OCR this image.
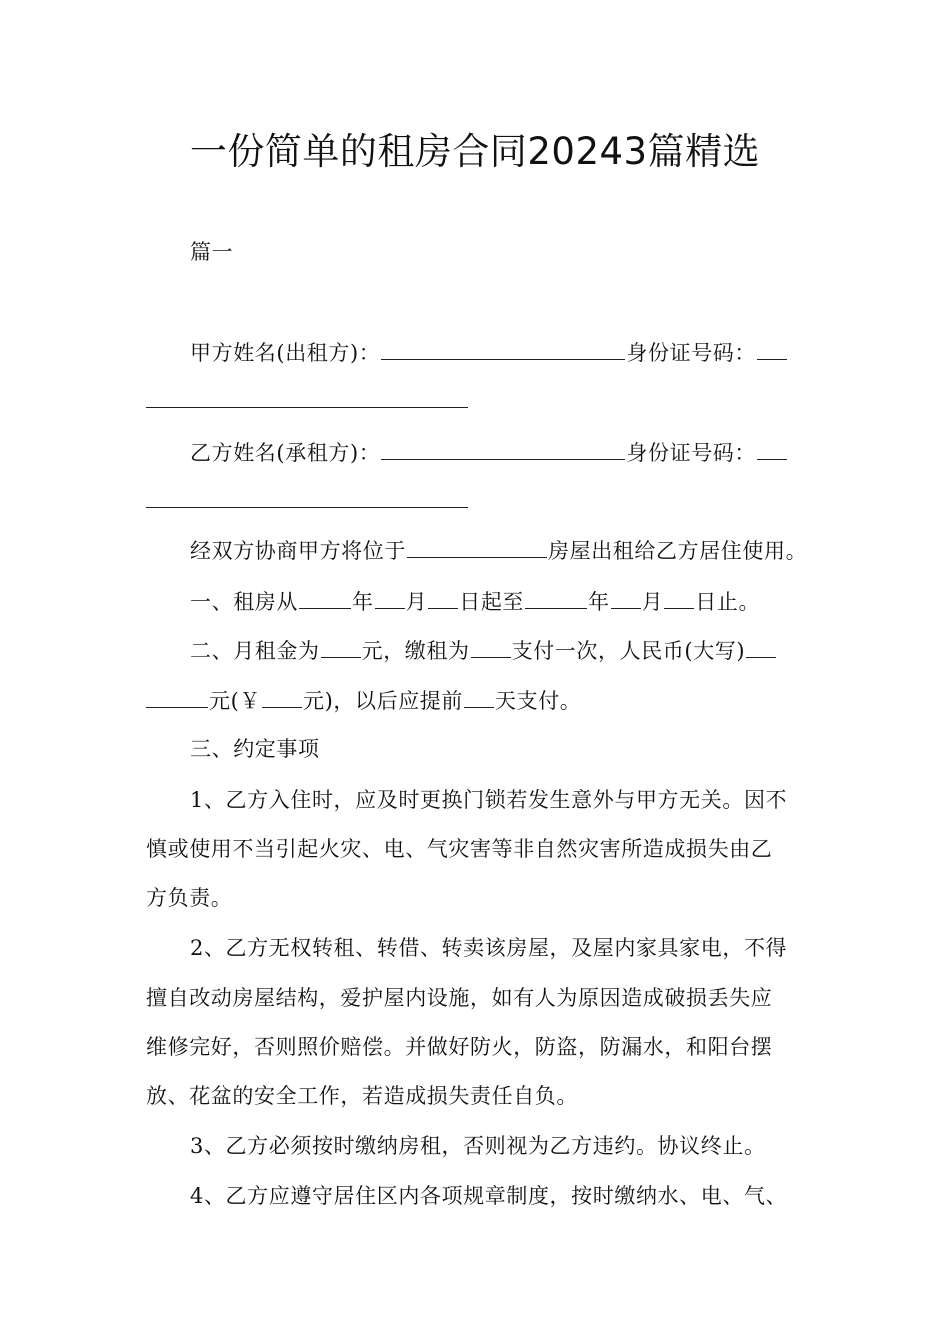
一份简单的租房合同20243篇精选
篇一
甲方姓名(出租方)：	身份证号码：
乙方姓名(承租方)：	身份证号码：
经双方协商甲方将位于	房屋出租给乙方居住使用。
一、租房从	年 月 日起至	年 月 日止。
二、月租金为 元，缴租为 支付一次，人民币(大写)
元(￥ 元)，以后应提前 天支付。
三、约定事项
1、乙方入住时，应及时更换门锁若发生意外与甲方无关。因不
慎或使用不当引起火灾、电、气灾害等非自然灾害所造成损失由乙
方负责。
2、乙方无权转租、转借、转卖该房屋，及屋内家具家电，不得
擅自改动房屋结构，爱护屋内设施，如有人为原因造成破损丢失应
维修完好，否则照价赔偿。并做好防火，防盗，防漏水，和阳台摆
放、花盆的安全工作，若造成损失责任自负。
3、乙方必须按时缴纳房租，否则视为乙方违约。协议终止。
4、乙方应遵守居住区内各项规章制度，按时缴纳水、电、气、
